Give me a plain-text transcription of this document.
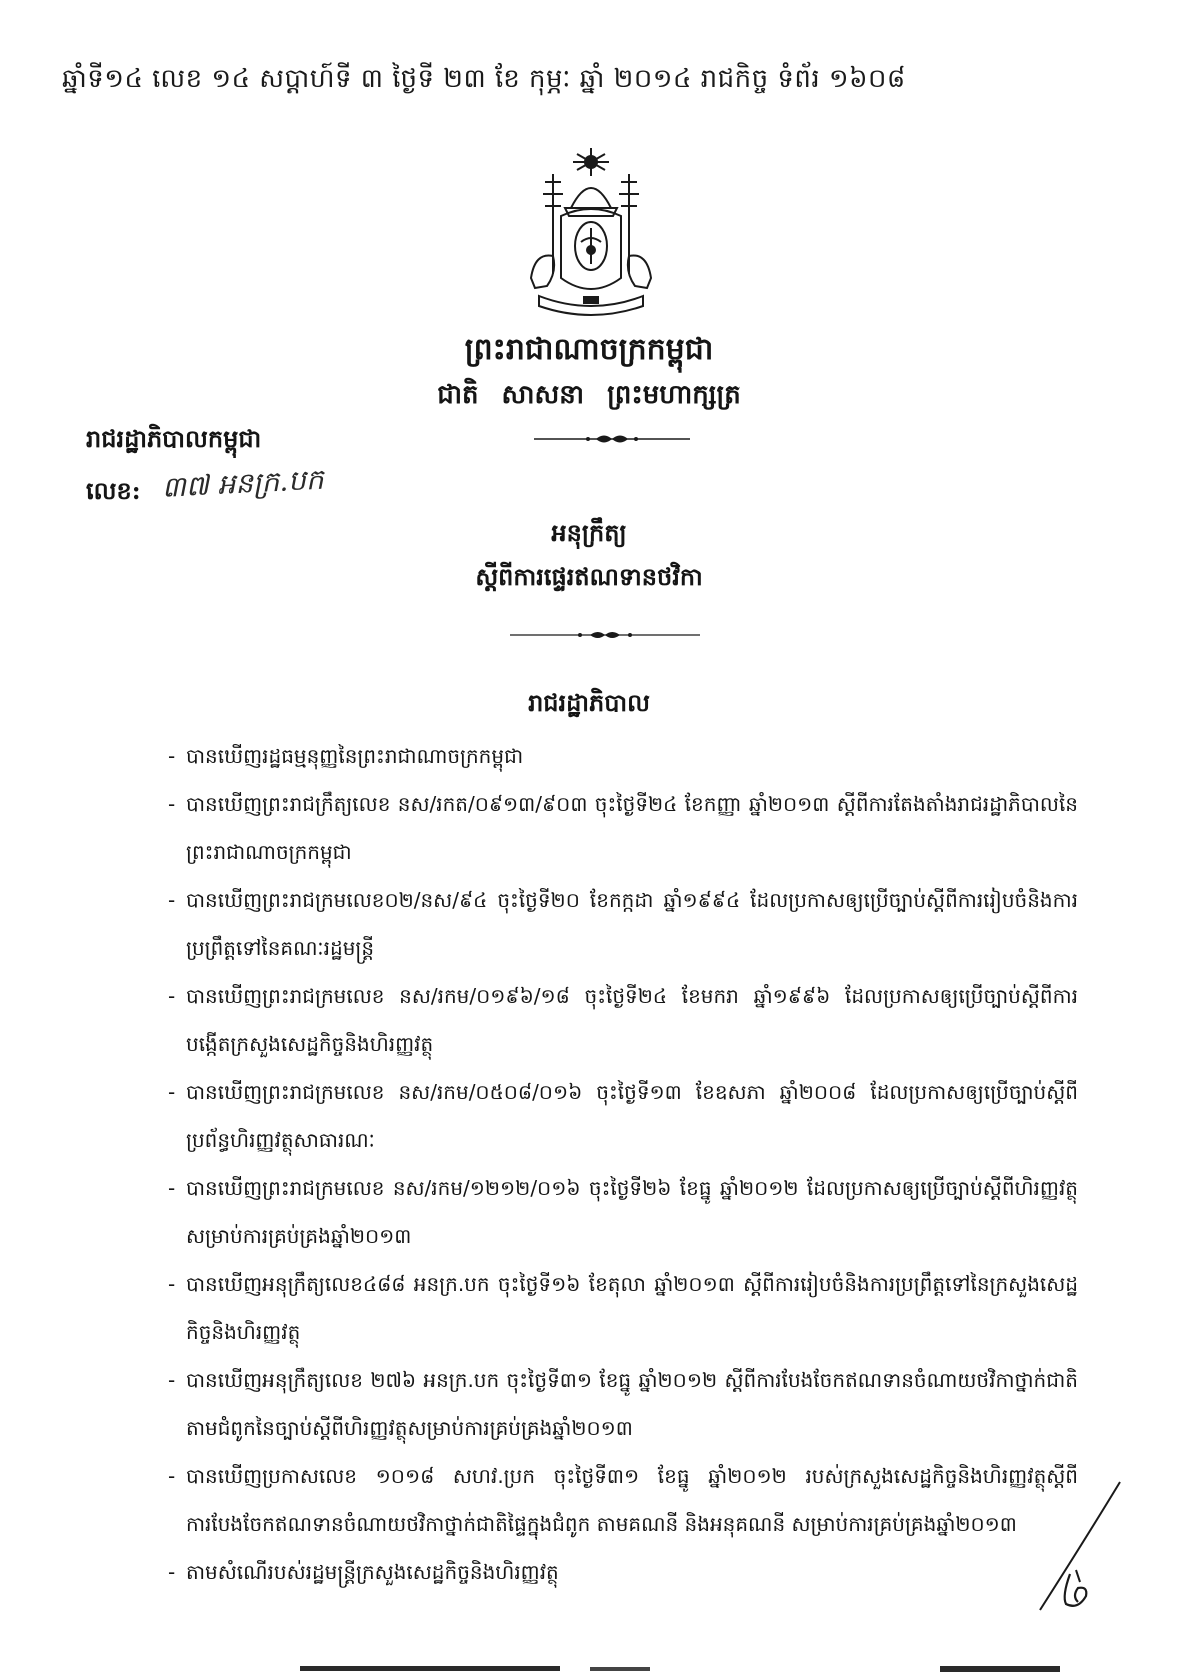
ឆ្នាំទី១៤ លេខ ១៤ សប្តាហ៍ទី ៣ ថ្ងៃទី ២៣ ខែ កុម្ភៈ ឆ្នាំ ២០១៤ រាជកិច្ច ទំព័រ ១៦០៨
ព្រះរាជាណាចក្រកម្ពុជា
ជាតិ សាសនា ព្រះមហាក្សត្រ
រាជរដ្ឋាភិបាលកម្ពុជា
លេខ: ៣៧ អនក្រ.បក
អនុក្រឹត្យ
ស្តីពីការផ្ទេរឥណទានថវិកា
រាជរដ្ឋាភិបាល
- បានឃើញរដ្ឋធម្មនុញ្ញនៃព្រះរាជាណាចក្រកម្ពុជា
- បានឃើញព្រះរាជក្រឹត្យលេខ នស/រកត/០៩១៣/៩០៣ ចុះថ្ងៃទី២៤ ខែកញ្ញា ឆ្នាំ២០១៣ ស្តីពីការតែងតាំងរាជរដ្ឋាភិបាលនៃព្រះរាជាណាចក្រកម្ពុជា
- បានឃើញព្រះរាជក្រមលេខ០២/នស/៩៤ ចុះថ្ងៃទី២០ ខែកក្កដា ឆ្នាំ១៩៩៤ ដែលប្រកាសឲ្យប្រើច្បាប់ស្តីពីការរៀបចំនិងការប្រព្រឹត្តទៅនៃគណៈរដ្ឋមន្ត្រី
- បានឃើញព្រះរាជក្រមលេខ នស/រកម/០១៩៦/១៨ ចុះថ្ងៃទី២៤ ខែមករា ឆ្នាំ១៩៩៦ ដែលប្រកាសឲ្យប្រើច្បាប់ស្តីពីការបង្កើតក្រសួងសេដ្ឋកិច្ចនិងហិរញ្ញវត្ថុ
- បានឃើញព្រះរាជក្រមលេខ នស/រកម/០៥០៨/០១៦ ចុះថ្ងៃទី១៣ ខែឧសភា ឆ្នាំ២០០៨ ដែលប្រកាសឲ្យប្រើច្បាប់ស្តីពីប្រព័ន្ធហិរញ្ញវត្ថុសាធារណៈ
- បានឃើញព្រះរាជក្រមលេខ នស/រកម/១២១២/០១៦ ចុះថ្ងៃទី២៦ ខែធ្នូ ឆ្នាំ២០១២ ដែលប្រកាសឲ្យប្រើច្បាប់ស្តីពីហិរញ្ញវត្ថុសម្រាប់ការគ្រប់គ្រងឆ្នាំ២០១៣
- បានឃើញអនុក្រឹត្យលេខ៤៨៨ អនក្រ.បក ចុះថ្ងៃទី១៦ ខែតុលា ឆ្នាំ២០១៣ ស្តីពីការរៀបចំនិងការប្រព្រឹត្តទៅនៃក្រសួងសេដ្ឋកិច្ចនិងហិរញ្ញវត្ថុ
- បានឃើញអនុក្រឹត្យលេខ ២៧៦ អនក្រ.បក ចុះថ្ងៃទី៣១ ខែធ្នូ ឆ្នាំ២០១២ ស្តីពីការបែងចែកឥណទានចំណាយថវិកាថ្នាក់ជាតិតាមជំពូកនៃច្បាប់ស្តីពីហិរញ្ញវត្ថុសម្រាប់ការគ្រប់គ្រងឆ្នាំ២០១៣
- បានឃើញប្រកាសលេខ ១០១៨ សហវ.ប្រក ចុះថ្ងៃទី៣១ ខែធ្នូ ឆ្នាំ២០១២ របស់ក្រសួងសេដ្ឋកិច្ចនិងហិរញ្ញវត្ថុស្តីពីការបែងចែកឥណទានចំណាយថវិកាថ្នាក់ជាតិផ្ទៃក្នុងជំពូក តាមគណនី និងអនុគណនី សម្រាប់ការគ្រប់គ្រងឆ្នាំ២០១៣
- តាមសំណើរបស់រដ្ឋមន្ត្រីក្រសួងសេដ្ឋកិច្ចនិងហិរញ្ញវត្ថុ
